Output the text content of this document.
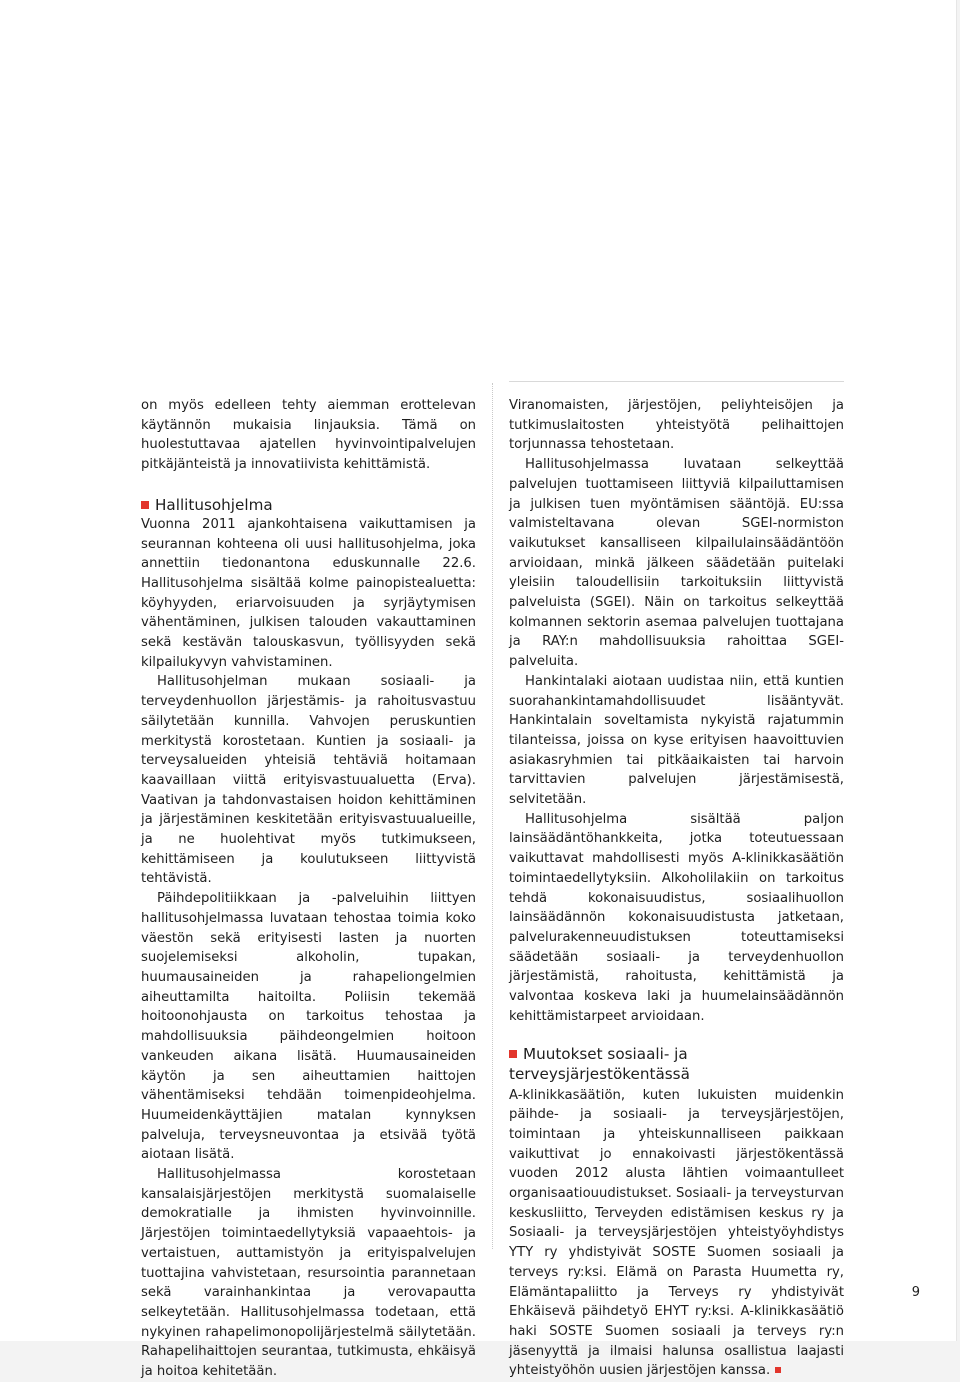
on myös edelleen tehty aiemman erottelevan käytännön mukaisia linjauksia. Tämä on huolestuttavaa ajatellen hyvinvointipalvelujen pitkäjänteistä ja innovatiivista kehittämistä.

Hallitusohjelma

Vuonna 2011 ajankohtaisena vaikuttamisen ja seurannan kohteena oli uusi hallitusohjelma, joka annettiin tiedonantona eduskunnalle 22.6. Hallitusohjelma sisältää kolme painopistealuetta: köyhyyden, eriarvoisuuden ja syrjäytymisen vähentäminen, julkisen talouden vakauttaminen sekä kestävän talouskasvun, työllisyyden sekä kilpailukyvyn vahvistaminen.

Hallitusohjelman mukaan sosiaali- ja terveydenhuollon järjestämis- ja rahoitusvastuu säilytetään kunnilla. Vahvojen peruskuntien merkitystä korostetaan. Kuntien ja sosiaali- ja terveysalueiden yhteisiä tehtäviä hoitamaan kaavaillaan viittä erityisvastuualuetta (Erva). Vaativan ja tahdonvastaisen hoidon kehittäminen ja järjestäminen keskitetään erityisvastuualueille, ja ne huolehtivat myös tutkimukseen, kehittämiseen ja koulutukseen liittyvistä tehtävistä.

Päihdepolitiikkaan ja -palveluihin liittyen hallitusohjelmassa luvataan tehostaa toimia koko väestön sekä erityisesti lasten ja nuorten suojelemiseksi alkoholin, tupakan, huumausaineiden ja rahapeliongelmien aiheuttamilta haitoilta. Poliisin tekemää hoitoonohjausta on tarkoitus tehostaa ja mahdollisuuksia päihdeongelmien hoitoon vankeuden aikana lisätä. Huumausaineiden käytön ja sen aiheuttamien haittojen vähentämiseksi tehdään toimenpideohjelma. Huumeidenkäyttäjien matalan kynnyksen palveluja, terveysneuvontaa ja etsivää työtä aiotaan lisätä.

Hallitusohjelmassa korostetaan kansalaisjärjestöjen merkitystä suomalaiselle demokratialle ja ihmisten hyvinvoinnille. Järjestöjen toimintaedellytyksiä vapaaehtois- ja vertaistuen, auttamistyön ja erityispalvelujen tuottajina vahvistetaan, resursointia parannetaan sekä varainhankintaa ja verovapautta selkeytetään. Hallitusohjelmassa todetaan, että nykyinen rahapelimonopolijärjestelmä säilytetään. Rahapelihaittojen seurantaa, tutkimusta, ehkäisyä ja hoitoa kehitetään.

Viranomaisten, järjestöjen, peliyhteisöjen ja tutkimuslaitosten yhteistyötä pelihaittojen torjunnassa tehostetaan.

Hallitusohjelmassa luvataan selkeyttää palvelujen tuottamiseen liittyviä kilpailuttamisen ja julkisen tuen myöntämisen sääntöjä. EU:ssa valmisteltavana olevan SGEI-normiston vaikutukset kansalliseen kilpailulainsäädäntöön arvioidaan, minkä jälkeen säädetään puitelaki yleisiin taloudellisiin tarkoituksiin liittyvistä palveluista (SGEI). Näin on tarkoitus selkeyttää kolmannen sektorin asemaa palvelujen tuottajana ja RAY:n mahdollisuuksia rahoittaa SGEI-palveluita.

Hankintalaki aiotaan uudistaa niin, että kuntien suorahankintamahdollisuudet lisääntyvät. Hankintalain soveltamista nykyistä rajatummin tilanteissa, joissa on kyse erityisen haavoittuvien asiakasryhmien tai pitkäaikaisten tai harvoin tarvittavien palvelujen järjestämisestä, selvitetään.

Hallitusohjelma sisältää paljon lainsäädäntöhankkeita, jotka toteutuessaan vaikuttavat mahdollisesti myös A-klinikkasäätiön toimintaedellytyksiin. Alkoholilakiin on tarkoitus tehdä kokonaisuudistus, sosiaalihuollon lainsäädännön kokonaisuudistusta jatketaan, palvelurakenneuudistuksen toteuttamiseksi säädetään sosiaali- ja terveydenhuollon järjestämistä, rahoitusta, kehittämistä ja valvontaa koskeva laki ja huumelainsäädännön kehittämistarpeet arvioidaan.

Muutokset sosiaali- ja terveysjärjestökentässä

A-klinikkasäätiön, kuten lukuisten muidenkin päihde- ja sosiaali- ja terveysjärjestöjen, toimintaan ja yhteiskunnalliseen paikkaan vaikuttivat jo ennakoivasti järjestökentässä vuoden 2012 alusta lähtien voimaantulleet organisaatiouudistukset. Sosiaali- ja terveysturvan keskusliitto, Terveyden edistämisen keskus ry ja Sosiaali- ja terveysjärjestöjen yhteistyöyhdistys YTY ry yhdistyivät SOSTE Suomen sosiaali ja terveys ry:ksi. Elämä on Parasta Huumetta ry, Elämäntapaliitto ja Terveys ry yhdistyivät Ehkäisevä päihdetyö EHYT ry:ksi. A-klinikkasäätiö haki SOSTE Suomen sosiaali ja terveys ry:n jäsenyyttä ja ilmaisi halunsa osallistua laajasti yhteistyöhön uusien järjestöjen kanssa.

9
